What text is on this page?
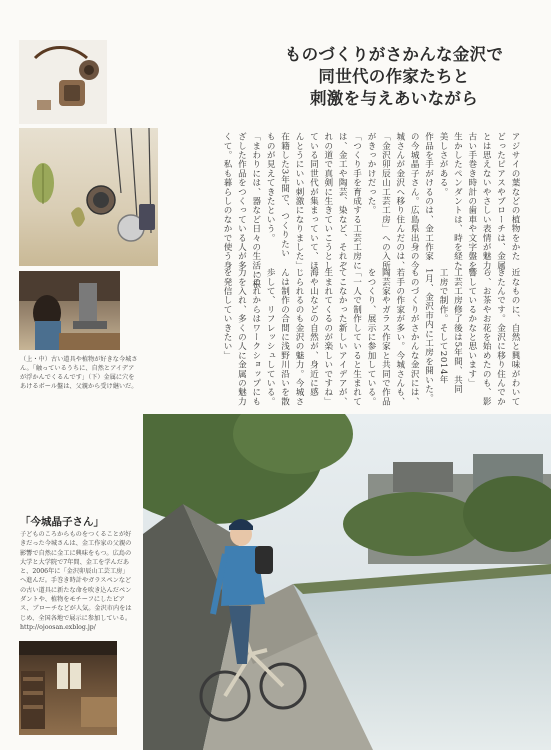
（上・中）古い道具や植物が好きな今城さん。「触っているうちに、自然とアイデアが浮かんでくるんです」（下）金属に穴をあけるボール盤は、父親から受け継いだ。
ものづくりがさかんな金沢で
同世代の作家たちと
刺激を与えあいながら
アジサイの葉などの植物をかた
どったピアスやブローチは、金属
とは思えないやさしい表情が魅力。
古い手巻き時計の歯車や文字盤を
生かしたペンダントは、時を経た
美しさがある。
作品を手がけるのは、金工作家
の今城晶子さん。広島県出身の今
城さんが金沢へ移り住んだのは、
「金沢卯辰山工芸工房」への入所
がきっかけだった。
「つくり手を育成する工芸工房に
は、金工や陶芸、染など、それぞ
れの道で真剣に生きていこうとし
ている同世代が集まっていて、ほ
んとうにいい刺激になりました」
在籍した3年間で、つくりたい
ものが見えてきたという。
「まわりには、器など日々の生活に根
ざした作品をつくっている人が多
くて。私も暮らしのなかで使う身
近なものに、自然と興味がわいて
きたんです。金沢に移り住んでか
ら、お茶やお花を始めたのも、影
響しているかなと思います」
工芸工房修了後は5年間、共同
工房で制作。そして2014年
1月、金沢市内に工房を開いた。
ものづくりがさかんな金沢には、
若手の作家が多い。今城さんも、
陶芸家やガラス作家と共同で作品
をつくり、展示に参加している。
「一人で制作していると生まれて
てこなかった新しいアイデアが、
生まれてくるのが楽しいですね」
海や山などの自然が、身近に感
じられるのも金沢の魅力。今城さ
んは制作の合間に浅野川沿いを散
歩して、リフレッシュしている。
「これからはワークショップにも
力を入れ、多くの人に金属の魅力
を発信していきたい」
「今城晶子さん」
子どものころからものをつくることが好きだった今城さんは、金工作家の父親の影響で自然に金工に興味をもつ。広島の大学と大学院で7年間、金工を学んだあと、2006年に「金沢卯辰山工芸工房」へ進んだ。手巻き時計やガラスペンなどの古い道具に新たな命を吹き込んだペンダントや、植物をモチーフにしたピアス、ブローチなどが人気。金沢市内をはじめ、全国各地で展示に参加している。 http://ojoosan.exblog.jp/
